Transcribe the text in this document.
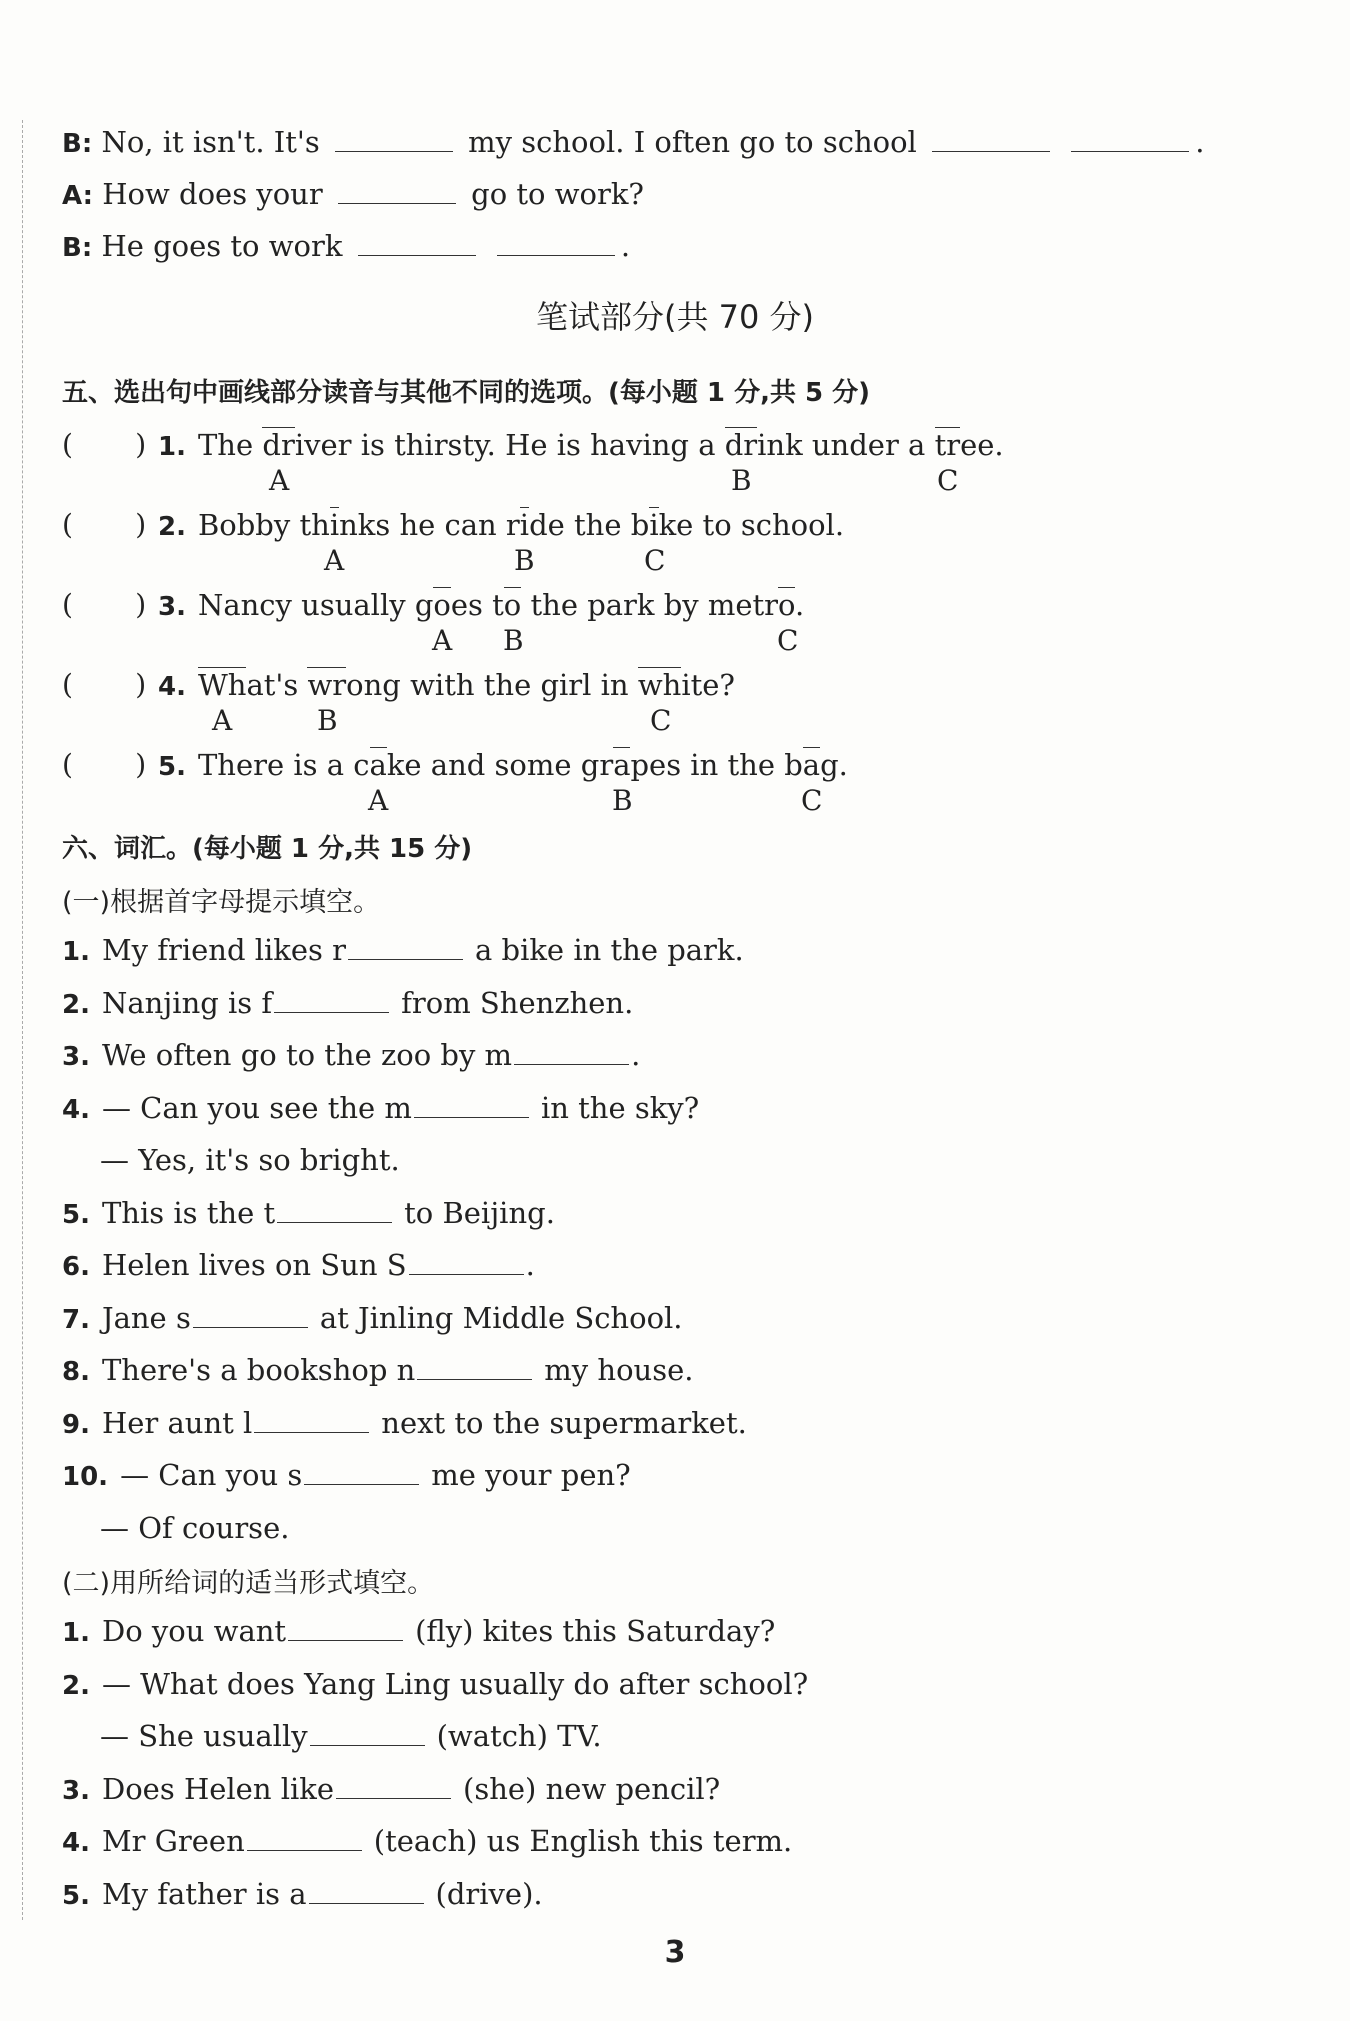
B: No, it isn't. It's	my school. I often go to school	.
A: How does your	go to work?
B: He goes to work	.
笔试部分(共 70 分)
五、选出句中画线部分读音与其他不同的选项。(每小题 1 分,共 5 分)
(       ) 1. The driver is thirsty. He is having a drink under a tree.
(       ) 2. Bobby thinks he can ride the bike to school.
(       ) 3. Nancy usually goes to the park by metro.
(       ) 4. What's wrong with the girl in white?
(       ) 5. There is a cake and some grapes in the bag.
A	B	C
A	B	C
A B	C
A	B	C
A	B	C
六、词汇。(每小题 1 分,共 15 分)
(一)根据首字母提示填空。
1. My friend likes r	a bike in the park.
2. Nanjing is f	from Shenzhen.
3. We often go to the zoo by m	.
4. — Can you see the m	in the sky?
— Yes, it's so bright.
5. This is the t	to Beijing.
6. Helen lives on Sun S	.
7. Jane s	at Jinling Middle School.
8. There's a bookshop n	my house.
9. Her aunt l	next to the supermarket.
10. — Can you s	me your pen?
— Of course.
(二)用所给词的适当形式填空。
1. Do you want	(fly) kites this Saturday?
2. — What does Yang Ling usually do after school?
— She usually	(watch) TV.
3. Does Helen like	(she) new pencil?
4. Mr Green	(teach) us English this term.
5. My father is a	(drive).
3
